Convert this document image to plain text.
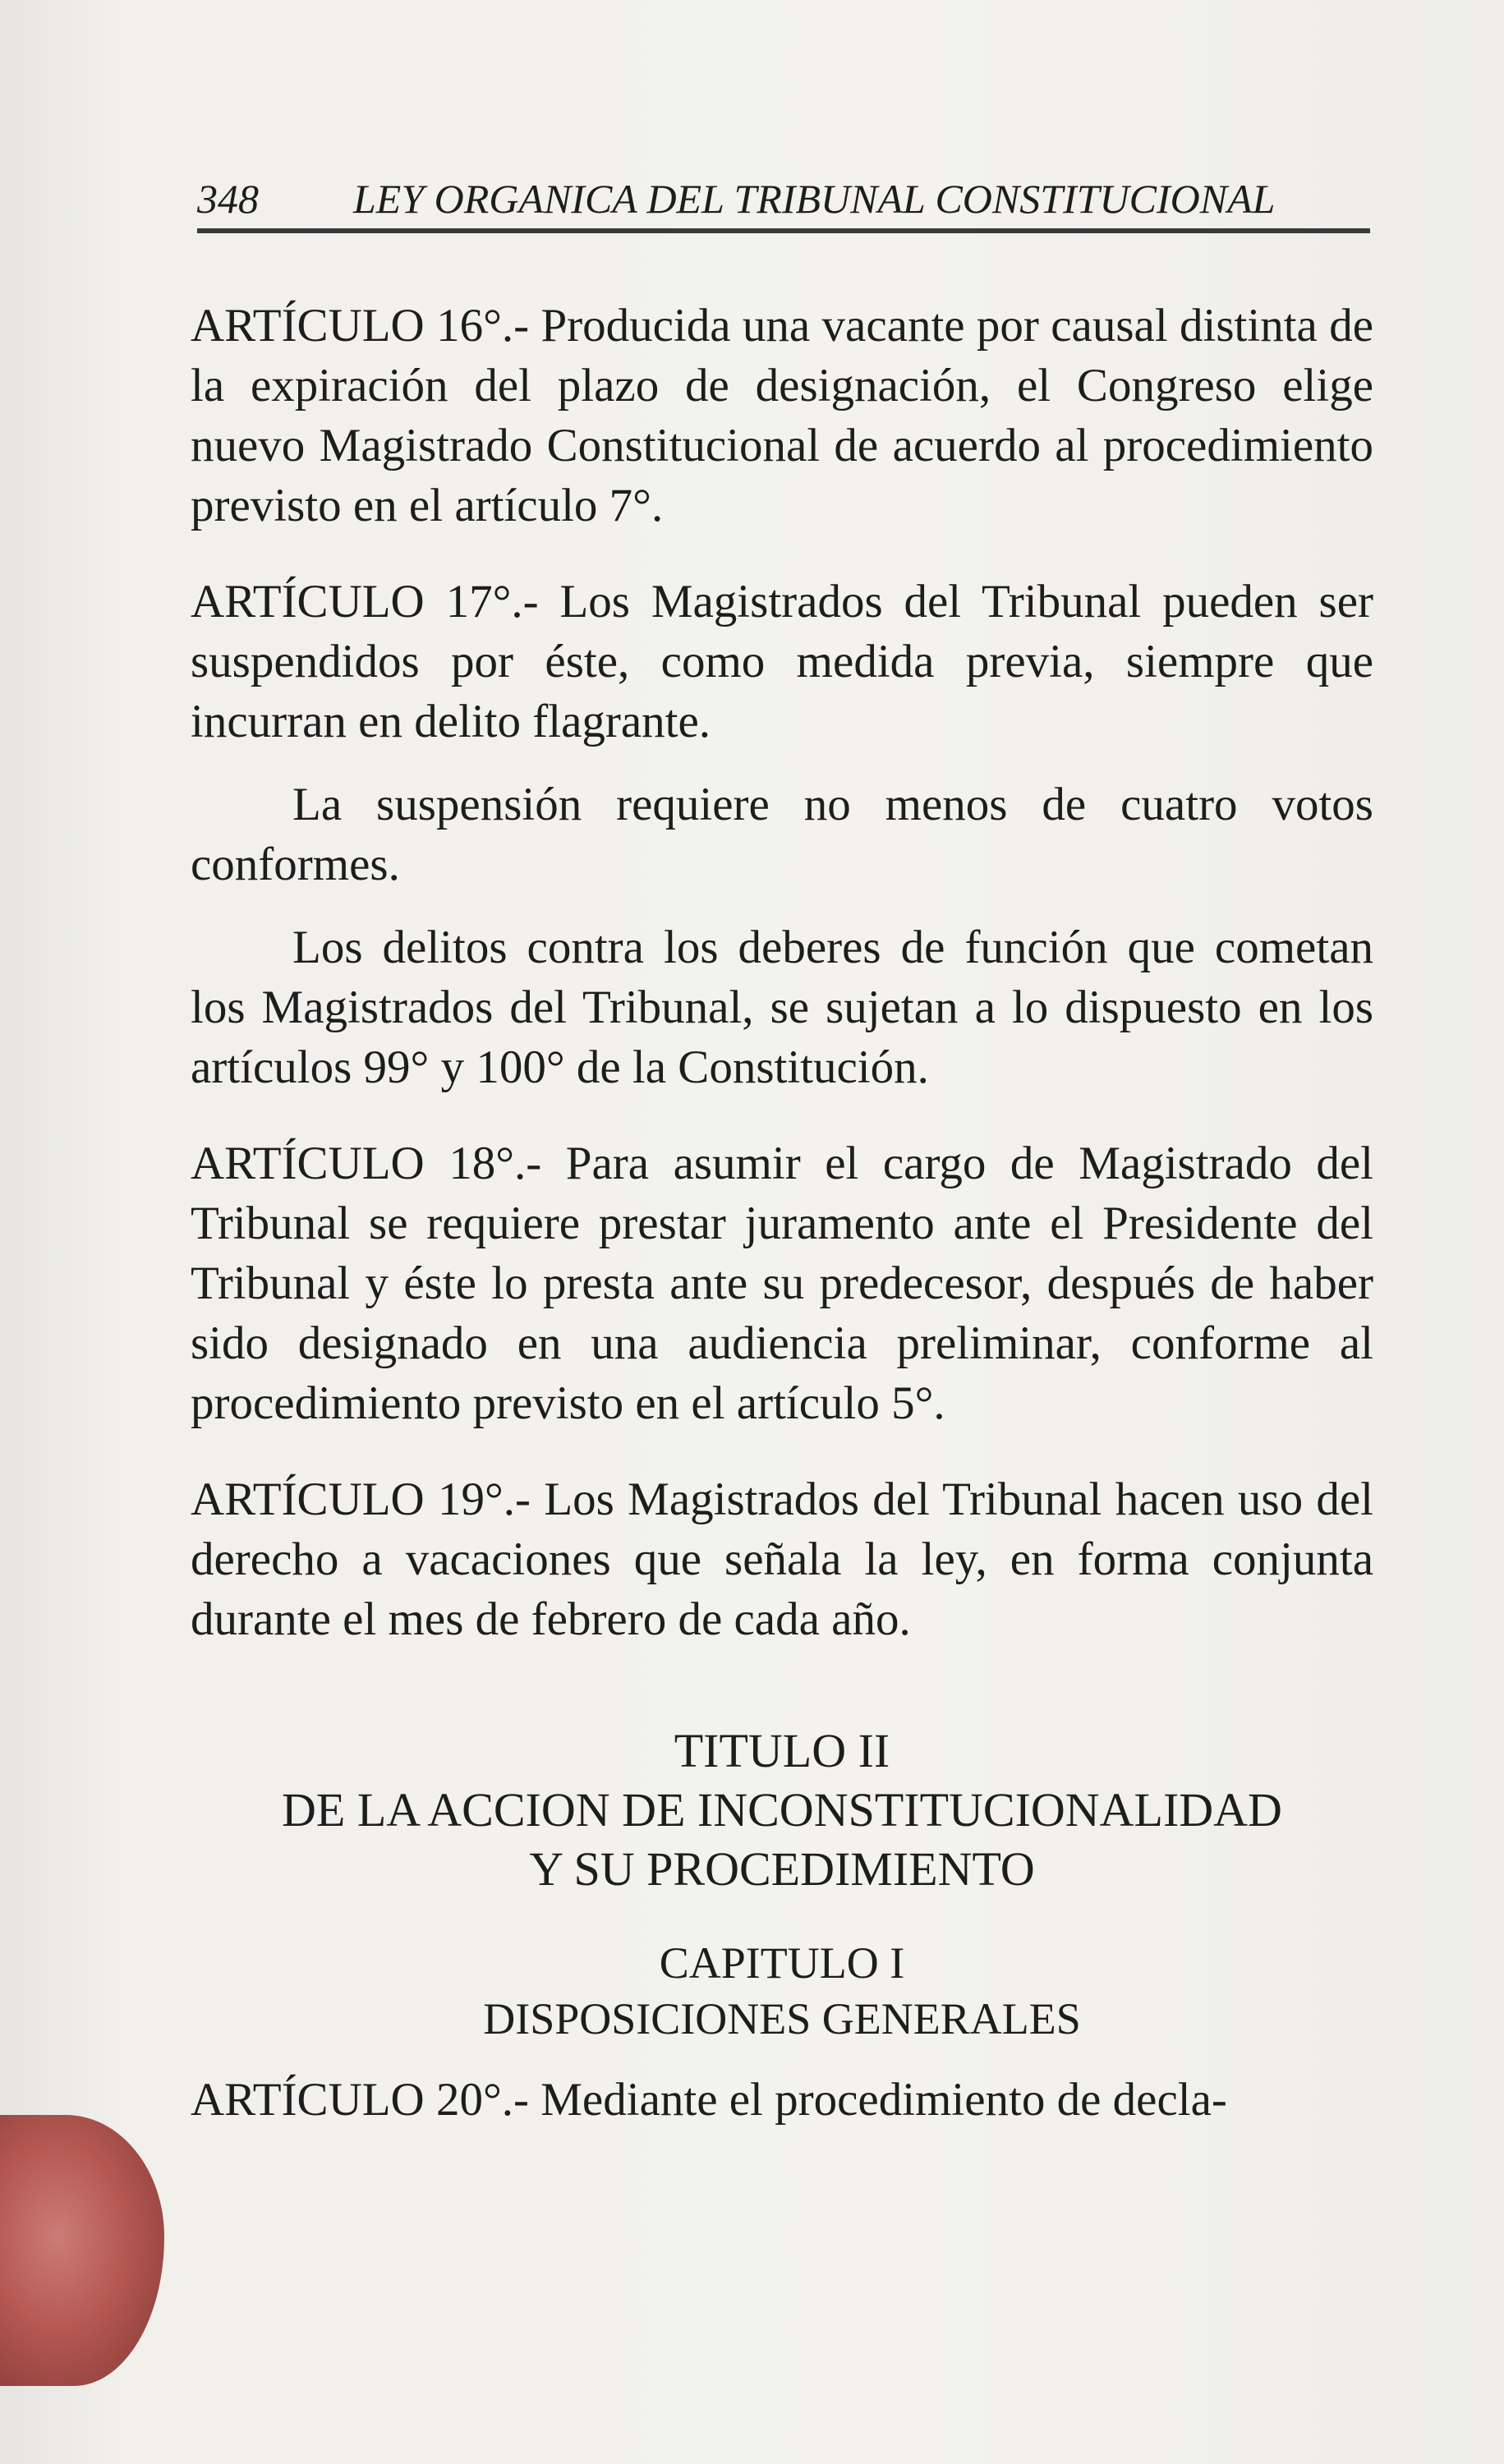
348 LEY ORGANICA DEL TRIBUNAL CONSTITUCIONAL

ARTÍCULO 16°.- Producida una vacante por causal distinta de la expiración del plazo de designación, el Congreso elige nuevo Magistrado Constitucional de acuerdo al procedimiento previsto en el artículo 7°.

ARTÍCULO 17°.- Los Magistrados del Tribunal pueden ser suspendidos por éste, como medida previa, siempre que incurran en delito flagrante.

La suspensión requiere no menos de cuatro votos conformes.

Los delitos contra los deberes de función que cometan los Magistrados del Tribunal, se sujetan a lo dispuesto en los artículos 99° y 100° de la Constitución.

ARTÍCULO 18°.- Para asumir el cargo de Magistrado del Tribunal se requiere prestar juramento ante el Presidente del Tribunal y éste lo presta ante su predecesor, después de haber sido designado en una audiencia preliminar, conforme al procedimiento previsto en el artículo 5°.

ARTÍCULO 19°.- Los Magistrados del Tribunal hacen uso del derecho a vacaciones que señala la ley, en forma conjunta durante el mes de febrero de cada año.

TITULO II

DE LA ACCION DE INCONSTITUCIONALIDAD

Y SU PROCEDIMIENTO

CAPITULO I

DISPOSICIONES GENERALES

ARTÍCULO 20°.- Mediante el procedimiento de decla-
